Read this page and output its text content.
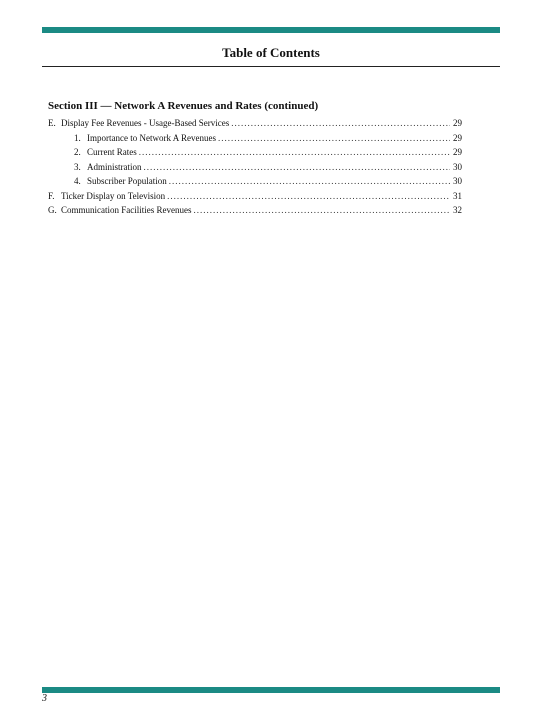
Table of Contents
Section III — Network A Revenues and Rates (continued)
E. Display Fee Revenues - Usage-Based Services .....	29
1. Importance to Network A Revenues .....	29
2. Current Rates .....	29
3. Administration .....	30
4. Subscriber Population .....	30
F. Ticker Display on Television .....	31
G. Communication Facilities Revenues .....	32
3
